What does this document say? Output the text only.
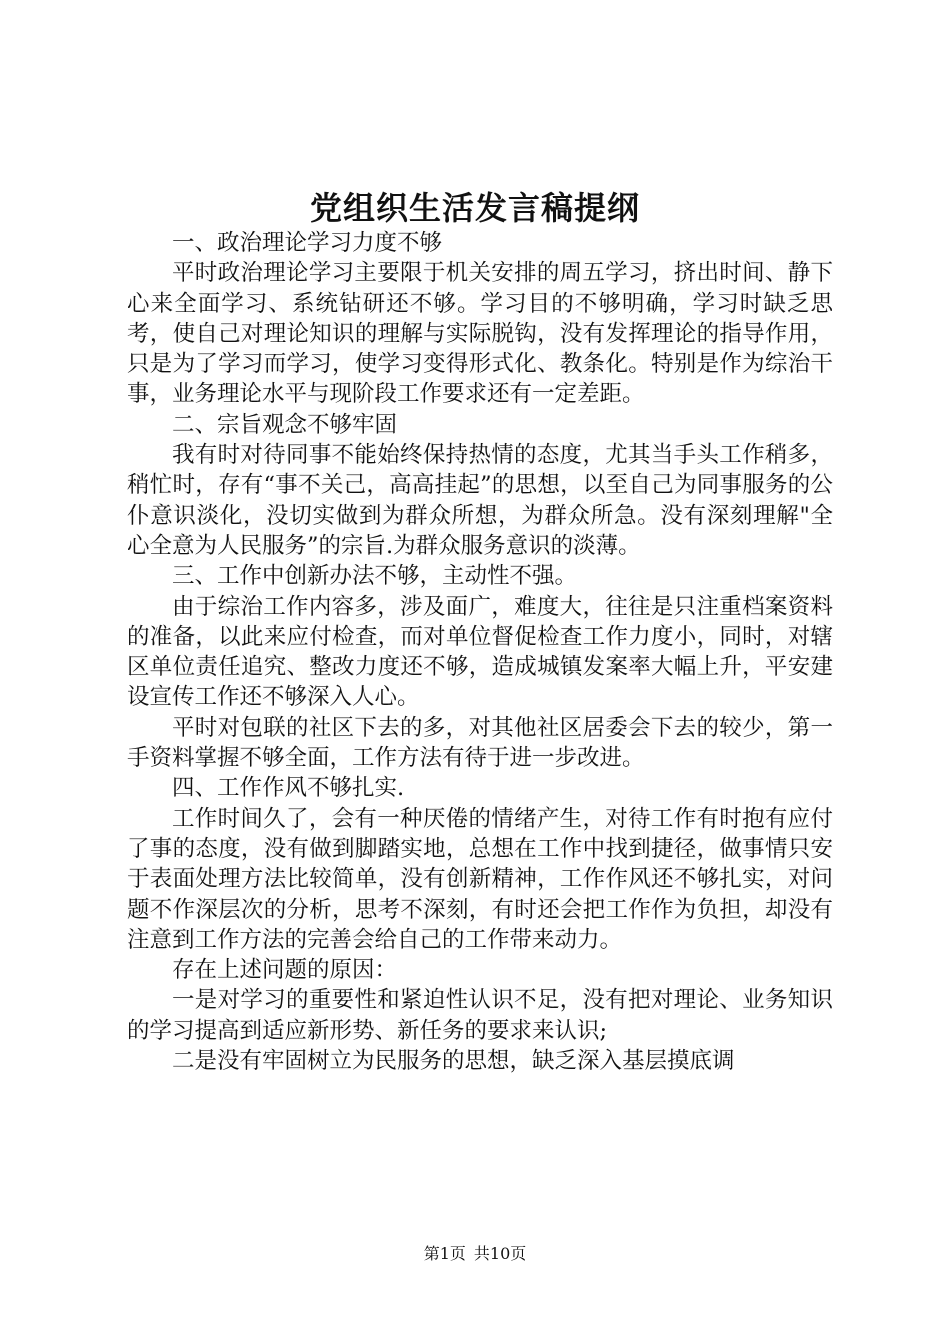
党组织生活发言稿提纲

一、政治理论学习力度不够

平时政治理论学习主要限于机关安排的周五学习，挤出时间、静下心来全面学习、系统钻研还不够。学习目的不够明确，学习时缺乏思考，使自己对理论知识的理解与实际脱钩，没有发挥理论的指导作用，只是为了学习而学习，使学习变得形式化、教条化。特别是作为综治干事，业务理论水平与现阶段工作要求还有一定差距。

二、宗旨观念不够牢固

我有时对待同事不能始终保持热情的态度，尤其当手头工作稍多，稍忙时，存有“事不关己，高高挂起”的思想，以至自己为同事服务的公仆意识淡化，没切实做到为群众所想，为群众所急。没有深刻理解"全心全意为人民服务”的宗旨.为群众服务意识的淡薄。

三、工作中创新办法不够，主动性不强。

由于综治工作内容多，涉及面广，难度大，往往是只注重档案资料的准备，以此来应付检查，而对单位督促检查工作力度小，同时，对辖区单位责任追究、整改力度还不够，造成城镇发案率大幅上升，平安建设宣传工作还不够深入人心。

平时对包联的社区下去的多，对其他社区居委会下去的较少，第一手资料掌握不够全面，工作方法有待于进一步改进。

四、工作作风不够扎实.

工作时间久了，会有一种厌倦的情绪产生，对待工作有时抱有应付了事的态度，没有做到脚踏实地，总想在工作中找到捷径，做事情只安于表面处理方法比较简单，没有创新精神，工作作风还不够扎实，对问题不作深层次的分析，思考不深刻，有时还会把工作作为负担，却没有注意到工作方法的完善会给自己的工作带来动力。

存在上述问题的原因：

一是对学习的重要性和紧迫性认识不足，没有把对理论、业务知识的学习提高到适应新形势、新任务的要求来认识;

二是没有牢固树立为民服务的思想，缺乏深入基层摸底调

第1页 共10页
